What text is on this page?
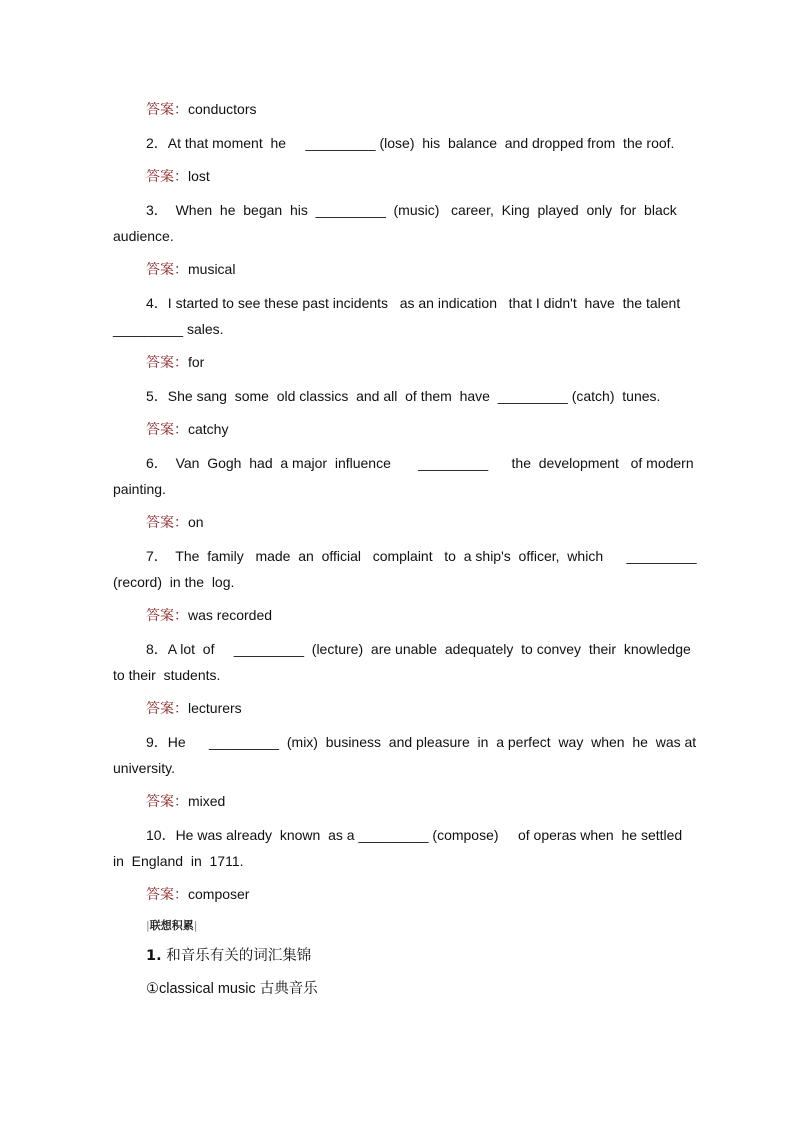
答案：conductors
2．At that moment  he     _________ (lose)  his  balance  and dropped from  the roof.
答案：lost
3．  When  he  began  his  _________  (music)   career,  King  played  only  for  black
audience.
答案：musical
4．I started to see these past incidents   as an indication   that I didn't  have  the talent
_________ sales.
答案：for
5．She sang  some  old classics  and all  of them  have  _________ (catch)  tunes.
答案：catchy
6．  Van  Gogh  had  a major  influence       _________      the  development   of modern
painting.
答案：on
7．  The  family   made  an  official   complaint   to  a ship's  officer,  which      _________
(record)  in the  log.
答案：was recorded
8．A lot  of     _________  (lecture)  are unable  adequately  to convey  their  knowledge
to their  students.
答案：lecturers
9．He      _________  (mix)  business  and pleasure  in  a perfect  way  when  he  was at
university.
答案：mixed
10．He was already  known  as a _________ (compose)     of operas when  he settled
in  England  in  1711.
答案：composer
|联想积累|
1. 和音乐有关的词汇集锦
①classical music 古典音乐
